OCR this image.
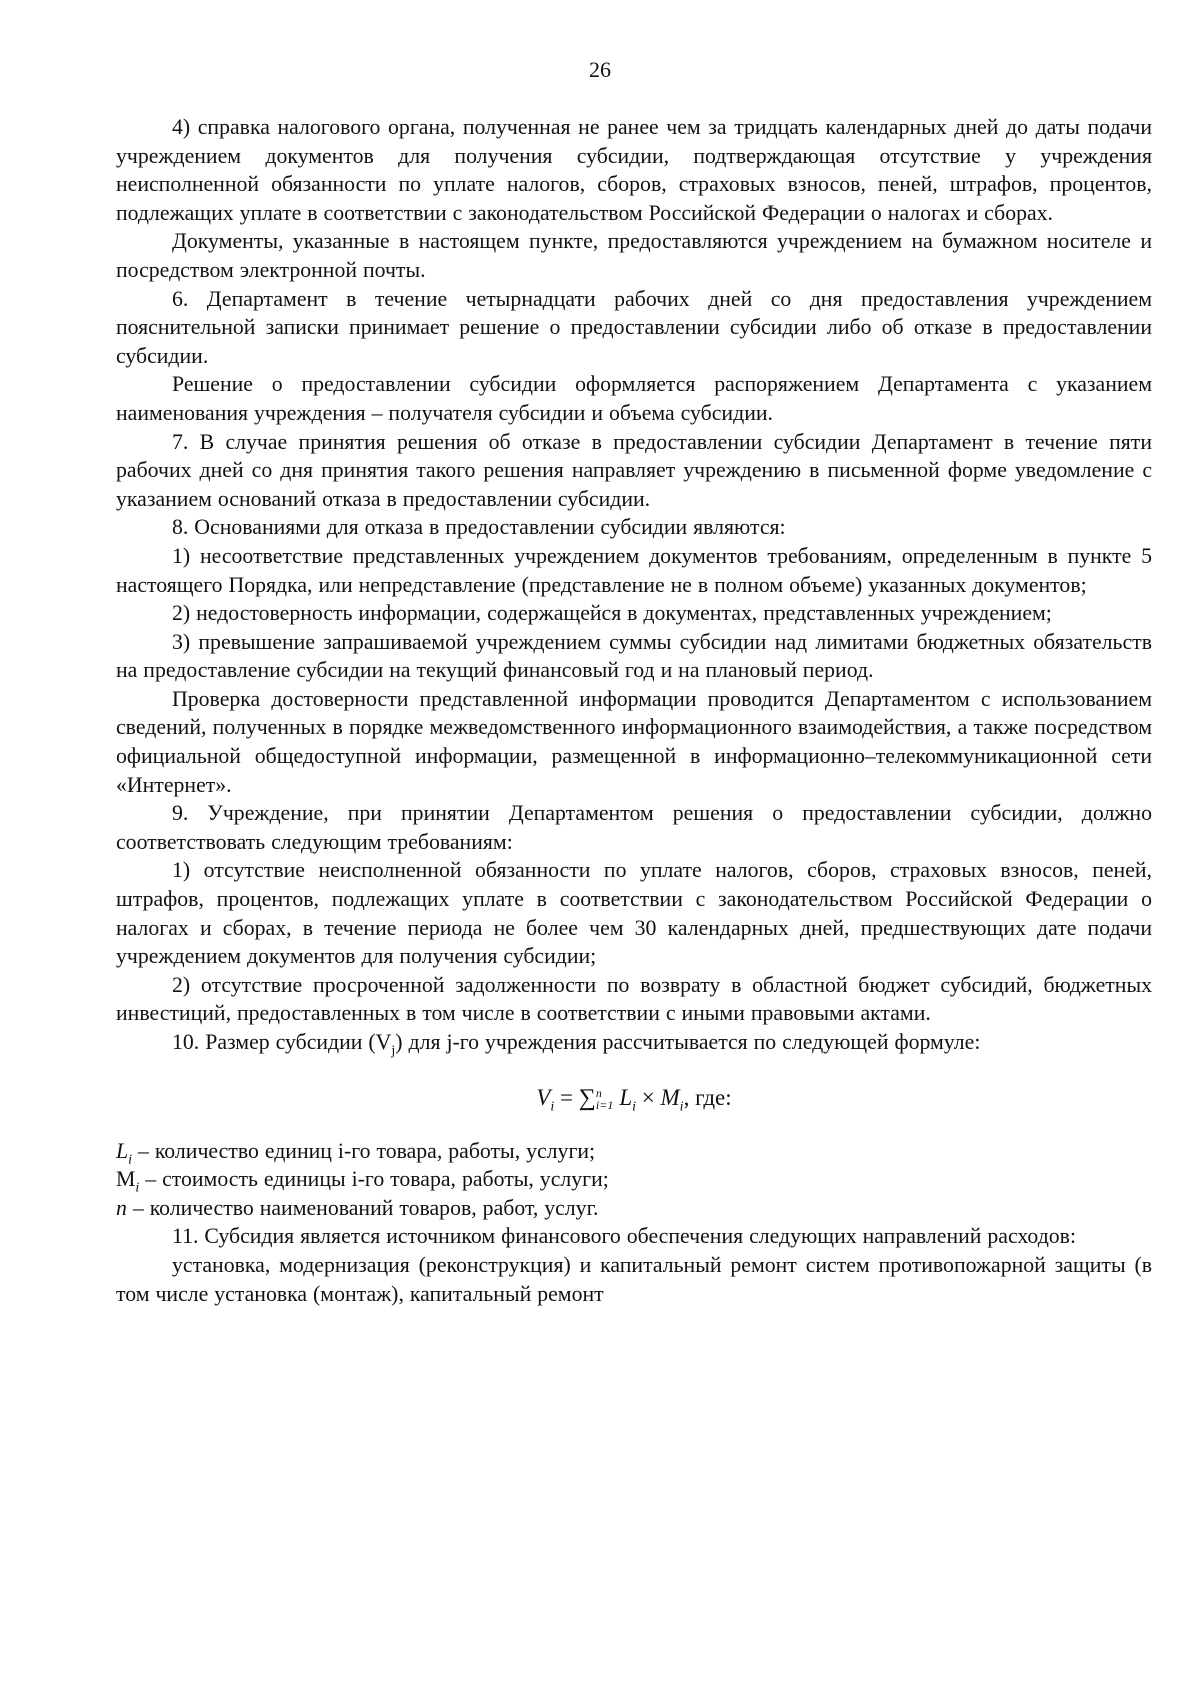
26

4) справка налогового органа, полученная не ранее чем за тридцать календарных дней до даты подачи учреждением документов для получения субсидии, подтверждающая отсутствие у учреждения неисполненной обязанности по уплате налогов, сборов, страховых взносов, пеней, штрафов, процентов, подлежащих уплате в соответствии с законодательством Российской Федерации о налогах и сборах.

Документы, указанные в настоящем пункте, предоставляются учреждением на бумажном носителе и посредством электронной почты.

6. Департамент в течение четырнадцати рабочих дней со дня предоставления учреждением пояснительной записки принимает решение о предоставлении субсидии либо об отказе в предоставлении субсидии.

Решение о предоставлении субсидии оформляется распоряжением Департамента с указанием наименования учреждения – получателя субсидии и объема субсидии.

7. В случае принятия решения об отказе в предоставлении субсидии Департамент в течение пяти рабочих дней со дня принятия такого решения направляет учреждению в письменной форме уведомление с указанием оснований отказа в предоставлении субсидии.

8. Основаниями для отказа в предоставлении субсидии являются:

1) несоответствие представленных учреждением документов требованиям, определенным в пункте 5 настоящего Порядка, или непредставление (представление не в полном объеме) указанных документов;

2) недостоверность информации, содержащейся в документах, представленных учреждением;

3) превышение запрашиваемой учреждением суммы субсидии над лимитами бюджетных обязательств на предоставление субсидии на текущий финансовый год и на плановый период.

Проверка достоверности представленной информации проводится Департаментом с использованием сведений, полученных в порядке межведомственного информационного взаимодействия, а также посредством официальной общедоступной информации, размещенной в информационно–телекоммуникационной сети «Интернет».

9. Учреждение, при принятии Департаментом решения о предоставлении субсидии, должно соответствовать следующим требованиям:

1) отсутствие неисполненной обязанности по уплате налогов, сборов, страховых взносов, пеней, штрафов, процентов, подлежащих уплате в соответствии с законодательством Российской Федерации о налогах и сборах, в течение периода не более чем 30 календарных дней, предшествующих дате подачи учреждением документов для получения субсидии;

2) отсутствие просроченной задолженности по возврату в областной бюджет субсидий, бюджетных инвестиций, предоставленных в том числе в соответствии с иными правовыми актами.

10. Размер субсидии $(V_j)$ для j-го учреждения рассчитывается по следующей формуле:

$V_i$ = ∑ n
i=1 $L_i \times M_i$, где:

$L_i$ – количество единиц i-го товара, работы, услуги;

$M_i$ – стоимость единицы i-го товара, работы, услуги;

n – количество наименований товаров, работ, услуг.

11. Субсидия является источником финансового обеспечения следующих направлений расходов:

установка, модернизация (реконструкция) и капитальный ремонт систем противопожарной защиты (в том числе установка (монтаж), капитальный ремонт
